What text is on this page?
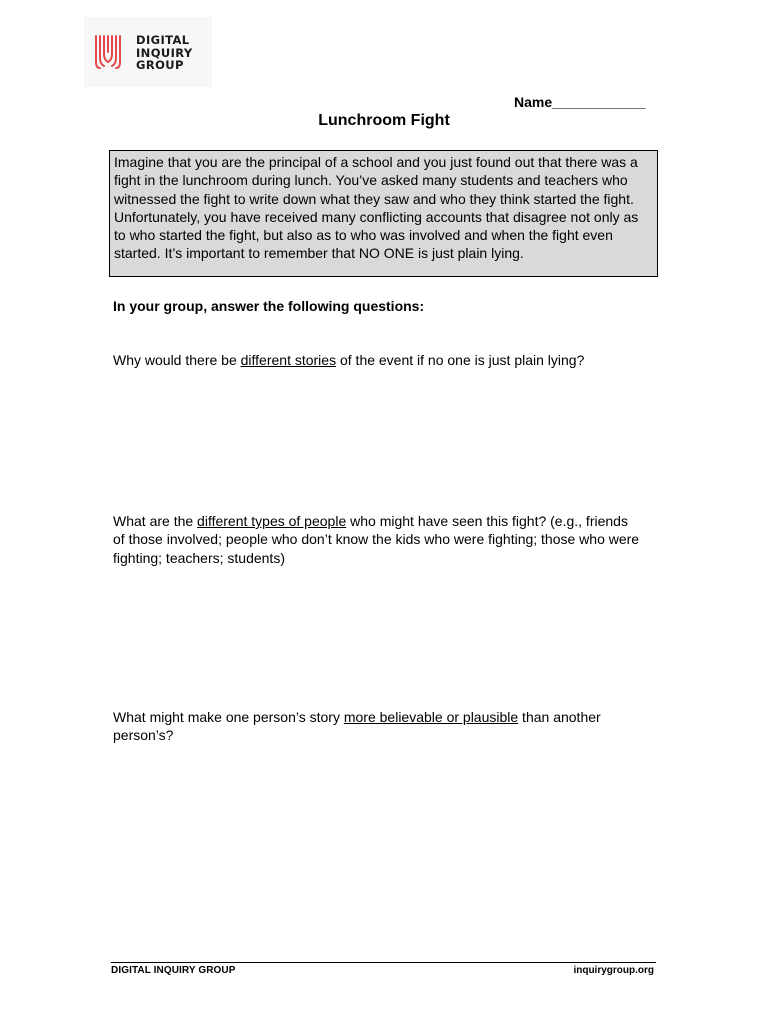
DIGITAL
INQUIRY
GROUP
Name____________
Lunchroom Fight
Imagine that you are the principal of a school and you just found out that there was a fight in the lunchroom during lunch. You’ve asked many students and teachers who witnessed the fight to write down what they saw and who they think started the fight. Unfortunately, you have received many conflicting accounts that disagree not only as to who started the fight, but also as to who was involved and when the fight even started. It’s important to remember that NO ONE is just plain lying.
In your group, answer the following questions:
Why would there be different stories of the event if no one is just plain lying?
What are the different types of people who might have seen this fight? (e.g., friends of those involved; people who don’t know the kids who were fighting; those who were fighting; teachers; students)
What might make one person’s story more believable or plausible than another person’s?
DIGITAL INQUIRY GROUP	inquirygroup.org
